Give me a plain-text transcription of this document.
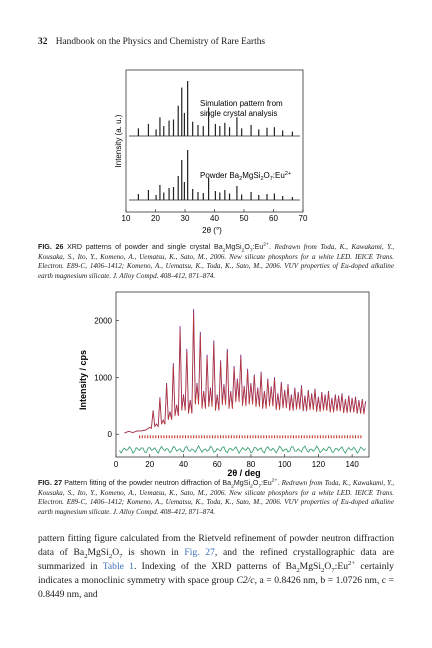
32 Handbook on the Physics and Chemistry of Rare Earths
Intensity (a. u.)
Simulation pattern from
single crystal analysis
Powder $Ba_2MgSi_2O_7:Eu^{2+}$
10	20	30	40	50	60	70
2θ (°)
FIG. 26 XRD patterns of powder and single crystal $Ba_2MgSi_2O_7:Eu^{2+}$. Redrawn from Toda, K., Kawakami, Y., Kousaka, S., Ito, Y., Komeno, A., Uematsu, K., Sato, M., 2006. New silicate phosphors for a white LED. IEICE Trans. Electron. E89-C, 1406–1412; Komeno, A., Uematsu, K., Toda, K., Sato, M., 2006. VUV properties of Eu-doped alkaline earth magnesium silicate. J. Alloy Compd. 408–412, 871–874.
Intensity / cps
0	20	40	60	80	100	120	140
0
1000
2000
2θ / deg
FIG. 27 Pattern fitting of the powder neutron diffraction of $Ba_2MgSi_2O_7:Eu^{2+}$. Redrawn from Toda, K., Kawakami, Y., Kousaka, S., Ito, Y., Komeno, A., Uematsu, K., Sato, M., 2006. New silicate phosphors for a white LED. IEICE Trans. Electron. E89-C, 1406–1412; Komeno, A., Uematsu, K., Toda, K., Sato, M., 2006. VUV properties of Eu-doped alkaline earth magnesium silicate. J. Alloy Compd. 408–412, 871–874.
pattern fitting figure calculated from the Rietveld refinement of powder neutron diffraction data of $Ba_2MgSi_2O_7$ is shown in Fig. 27, and the refined crystallographic data are summarized in Table 1. Indexing of the XRD patterns of $Ba_2MgSi_2O_7:Eu^{2+}$ certainly indicates a monoclinic symmetry with space group C2/c, a = 0.8426 nm, b = 1.0726 nm, c = 0.8449 nm, and
